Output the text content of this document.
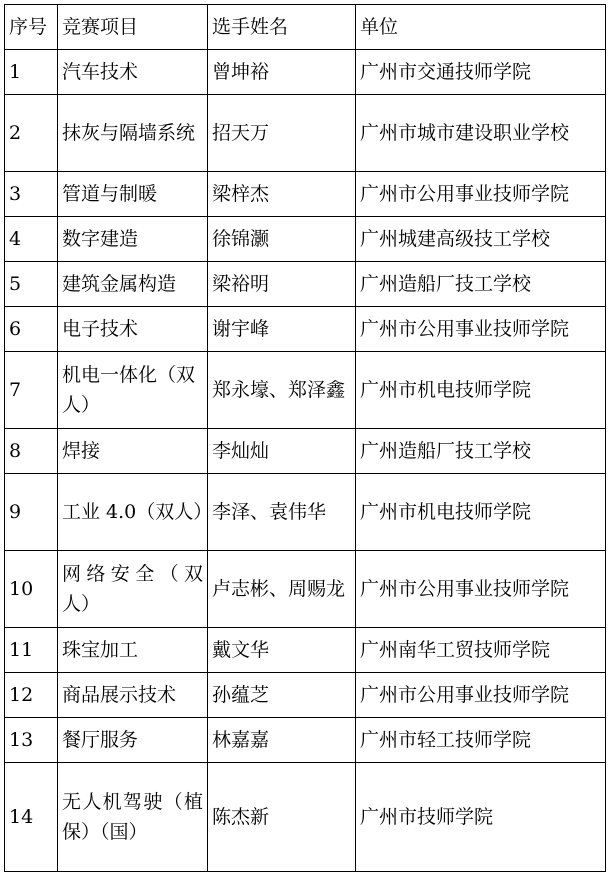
序号	竞赛项目	选手姓名	单位
1	汽车技术	曾坤裕	广州市交通技师学院
2	抹灰与隔墙系统	招天万	广州市城市建设职业学校
3	管道与制暖	梁梓杰	广州市公用事业技师学院
4	数字建造	徐锦灏	广州城建高级技工学校
5	建筑金属构造	梁裕明	广州造船厂技工学校
6	电子技术	谢宇峰	广州市公用事业技师学院
7	机电一体化（双人）	郑永壕、郑泽鑫	广州市机电技师学院
8	焊接	李灿灿	广州造船厂技工学校
9	工业 4.0（双人）	李泽、袁伟华	广州市机电技师学院
10	网络安全（双人）	卢志彬、周赐龙	广州市公用事业技师学院
11	珠宝加工	戴文华	广州南华工贸技师学院
12	商品展示技术	孙蕴芝	广州市公用事业技师学院
13	餐厅服务	林嘉嘉	广州市轻工技师学院
14	无人机驾驶（植保）（国）	陈杰新	广州市技师学院
